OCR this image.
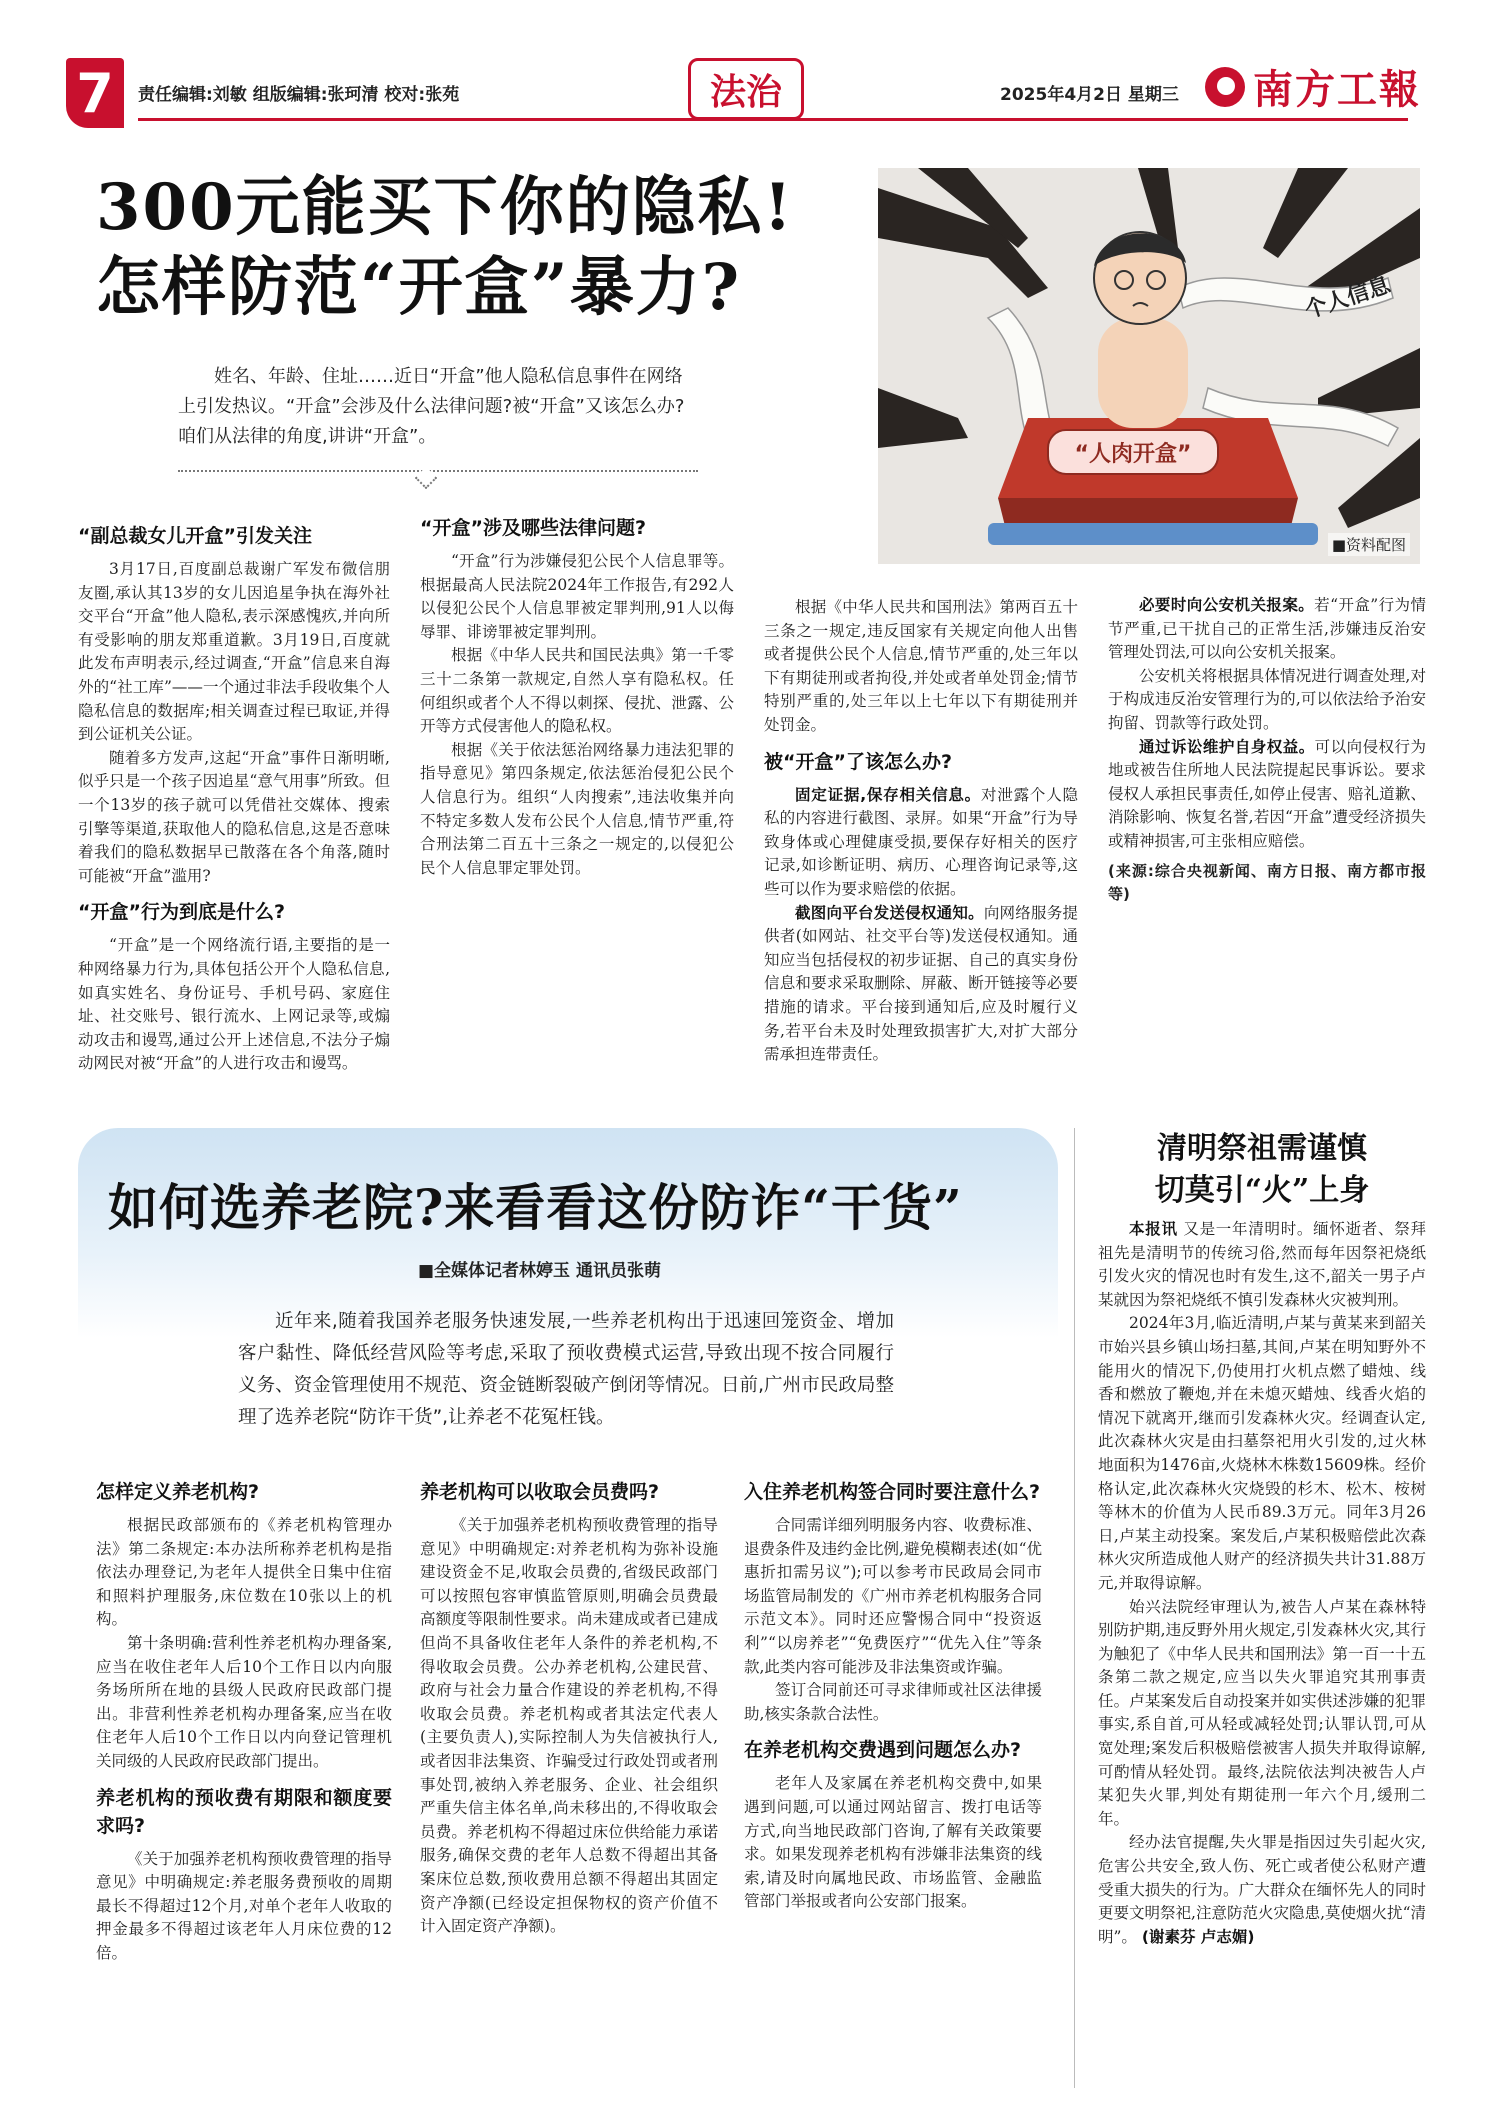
7	责任编辑:刘敏 组版编辑:张珂清 校对:张苑	法治	2025年4月2日 星期三 南方工報
300元能买下你的隐私!
怎样防范“开盒”暴力?
姓名、年龄、住址……近日“开盒”他人隐私信息事件在网络上引发热议。“开盒”会涉及什么法律问题?被“开盒”又该怎么办?咱们从法律的角度,讲讲“开盒”。
“人肉开盒”
个人信息
■资料配图
“副总裁女儿开盒”引发关注

3月17日,百度副总裁谢广军发布微信朋友圈,承认其13岁的女儿因追星争执在海外社交平台“开盒”他人隐私,表示深感愧疚,并向所有受影响的朋友郑重道歉。3月19日,百度就此发布声明表示,经过调查,“开盒”信息来自海外的“社工库”——一个通过非法手段收集个人隐私信息的数据库;相关调查过程已取证,并得到公证机关公证。

随着多方发声,这起“开盒”事件日渐明晰,似乎只是一个孩子因追星“意气用事”所致。但一个13岁的孩子就可以凭借社交媒体、搜索引擎等渠道,获取他人的隐私信息,这是否意味着我们的隐私数据早已散落在各个角落,随时可能被“开盒”滥用?

“开盒”行为到底是什么?

“开盒”是一个网络流行语,主要指的是一种网络暴力行为,具体包括公开个人隐私信息,如真实姓名、身份证号、手机号码、家庭住址、社交账号、银行流水、上网记录等,或煽动攻击和谩骂,通过公开上述信息,不法分子煽动网民对被“开盒”的人进行攻击和谩骂。

“开盒”涉及哪些法律问题?

“开盒”行为涉嫌侵犯公民个人信息罪等。根据最高人民法院2024年工作报告,有292人以侵犯公民个人信息罪被定罪判刑,91人以侮辱罪、诽谤罪被定罪判刑。

根据《中华人民共和国民法典》第一千零三十二条第一款规定,自然人享有隐私权。任何组织或者个人不得以刺探、侵扰、泄露、公开等方式侵害他人的隐私权。

根据《关于依法惩治网络暴力违法犯罪的指导意见》第四条规定,依法惩治侵犯公民个人信息行为。组织“人肉搜索”,违法收集并向不特定多数人发布公民个人信息,情节严重,符合刑法第二百五十三条之一规定的,以侵犯公民个人信息罪定罪处罚。

根据《中华人民共和国刑法》第两百五十三条之一规定,违反国家有关规定向他人出售或者提供公民个人信息,情节严重的,处三年以下有期徒刑或者拘役,并处或者单处罚金;情节特别严重的,处三年以上七年以下有期徒刑并处罚金。

被“开盒”了该怎么办?

固定证据,保存相关信息。对泄露个人隐私的内容进行截图、录屏。如果“开盒”行为导致身体或心理健康受损,要保存好相关的医疗记录,如诊断证明、病历、心理咨询记录等,这些可以作为要求赔偿的依据。

截图向平台发送侵权通知。向网络服务提供者(如网站、社交平台等)发送侵权通知。通知应当包括侵权的初步证据、自己的真实身份信息和要求采取删除、屏蔽、断开链接等必要措施的请求。平台接到通知后,应及时履行义务,若平台未及时处理致损害扩大,对扩大部分需承担连带责任。

必要时向公安机关报案。若“开盒”行为情节严重,已干扰自己的正常生活,涉嫌违反治安管理处罚法,可以向公安机关报案。

公安机关将根据具体情况进行调查处理,对于构成违反治安管理行为的,可以依法给予治安拘留、罚款等行政处罚。

通过诉讼维护自身权益。可以向侵权行为地或被告住所地人民法院提起民事诉讼。要求侵权人承担民事责任,如停止侵害、赔礼道歉、消除影响、恢复名誉,若因“开盒”遭受经济损失或精神损害,可主张相应赔偿。

(来源:综合央视新闻、南方日报、南方都市报等)

如何选养老院?来看看这份防诈“干货”
■全媒体记者林婷玉 通讯员张萌
近年来,随着我国养老服务快速发展,一些养老机构出于迅速回笼资金、增加客户黏性、降低经营风险等考虑,采取了预收费模式运营,导致出现不按合同履行义务、资金管理使用不规范、资金链断裂破产倒闭等情况。日前,广州市民政局整理了选养老院“防诈干货”,让养老不花冤枉钱。
怎样定义养老机构?

根据民政部颁布的《养老机构管理办法》第二条规定:本办法所称养老机构是指依法办理登记,为老年人提供全日集中住宿和照料护理服务,床位数在10张以上的机构。

第十条明确:营利性养老机构办理备案,应当在收住老年人后10个工作日以内向服务场所所在地的县级人民政府民政部门提出。非营利性养老机构办理备案,应当在收住老年人后10个工作日以内向登记管理机关同级的人民政府民政部门提出。

养老机构的预收费有期限和额度要求吗?

《关于加强养老机构预收费管理的指导意见》中明确规定:养老服务费预收的周期最长不得超过12个月,对单个老年人收取的押金最多不得超过该老年人月床位费的12倍。

养老机构可以收取会员费吗?

《关于加强养老机构预收费管理的指导意见》中明确规定:对养老机构为弥补设施建设资金不足,收取会员费的,省级民政部门可以按照包容审慎监管原则,明确会员费最高额度等限制性要求。尚未建成或者已建成但尚不具备收住老年人条件的养老机构,不得收取会员费。公办养老机构,公建民营、政府与社会力量合作建设的养老机构,不得收取会员费。养老机构或者其法定代表人(主要负责人),实际控制人为失信被执行人,或者因非法集资、诈骗受过行政处罚或者刑事处罚,被纳入养老服务、企业、社会组织严重失信主体名单,尚未移出的,不得收取会员费。养老机构不得超过床位供给能力承诺服务,确保交费的老年人总数不得超出其备案床位总数,预收费用总额不得超出其固定资产净额(已经设定担保物权的资产价值不计入固定资产净额)。

入住养老机构签合同时要注意什么?

合同需详细列明服务内容、收费标准、退费条件及违约金比例,避免模糊表述(如“优惠折扣需另议”);可以参考市民政局会同市场监管局制发的《广州市养老机构服务合同示范文本》。同时还应警惕合同中“投资返利”“以房养老”“免费医疗”“优先入住”等条款,此类内容可能涉及非法集资或诈骗。

签订合同前还可寻求律师或社区法律援助,核实条款合法性。

在养老机构交费遇到问题怎么办?

老年人及家属在养老机构交费中,如果遇到问题,可以通过网站留言、拨打电话等方式,向当地民政部门咨询,了解有关政策要求。如果发现养老机构有涉嫌非法集资的线索,请及时向属地民政、市场监管、金融监管部门举报或者向公安部门报案。

清明祭祖需谨慎
切莫引“火”上身

本报讯 又是一年清明时。缅怀逝者、祭拜祖先是清明节的传统习俗,然而每年因祭祀烧纸引发火灾的情况也时有发生,这不,韶关一男子卢某就因为祭祀烧纸不慎引发森林火灾被判刑。

2024年3月,临近清明,卢某与黄某来到韶关市始兴县乡镇山场扫墓,其间,卢某在明知野外不能用火的情况下,仍使用打火机点燃了蜡烛、线香和燃放了鞭炮,并在未熄灭蜡烛、线香火焰的情况下就离开,继而引发森林火灾。经调查认定,此次森林火灾是由扫墓祭祀用火引发的,过火林地面积为1476亩,火烧林木株数15609株。经价格认定,此次森林火灾烧毁的杉木、松木、桉树等林木的价值为人民币89.3万元。同年3月26日,卢某主动投案。案发后,卢某积极赔偿此次森林火灾所造成他人财产的经济损失共计31.88万元,并取得谅解。

始兴法院经审理认为,被告人卢某在森林特别防护期,违反野外用火规定,引发森林火灾,其行为触犯了《中华人民共和国刑法》第一百一十五条第二款之规定,应当以失火罪追究其刑事责任。卢某案发后自动投案并如实供述涉嫌的犯罪事实,系自首,可从轻或减轻处罚;认罪认罚,可从宽处理;案发后积极赔偿被害人损失并取得谅解,可酌情从轻处罚。最终,法院依法判决被告人卢某犯失火罪,判处有期徒刑一年六个月,缓刑二年。

经办法官提醒,失火罪是指因过失引起火灾,危害公共安全,致人伤、死亡或者使公私财产遭受重大损失的行为。广大群众在缅怀先人的同时更要文明祭祀,注意防范火灾隐患,莫使烟火扰“清明”。 (谢素芬 卢志媚)
